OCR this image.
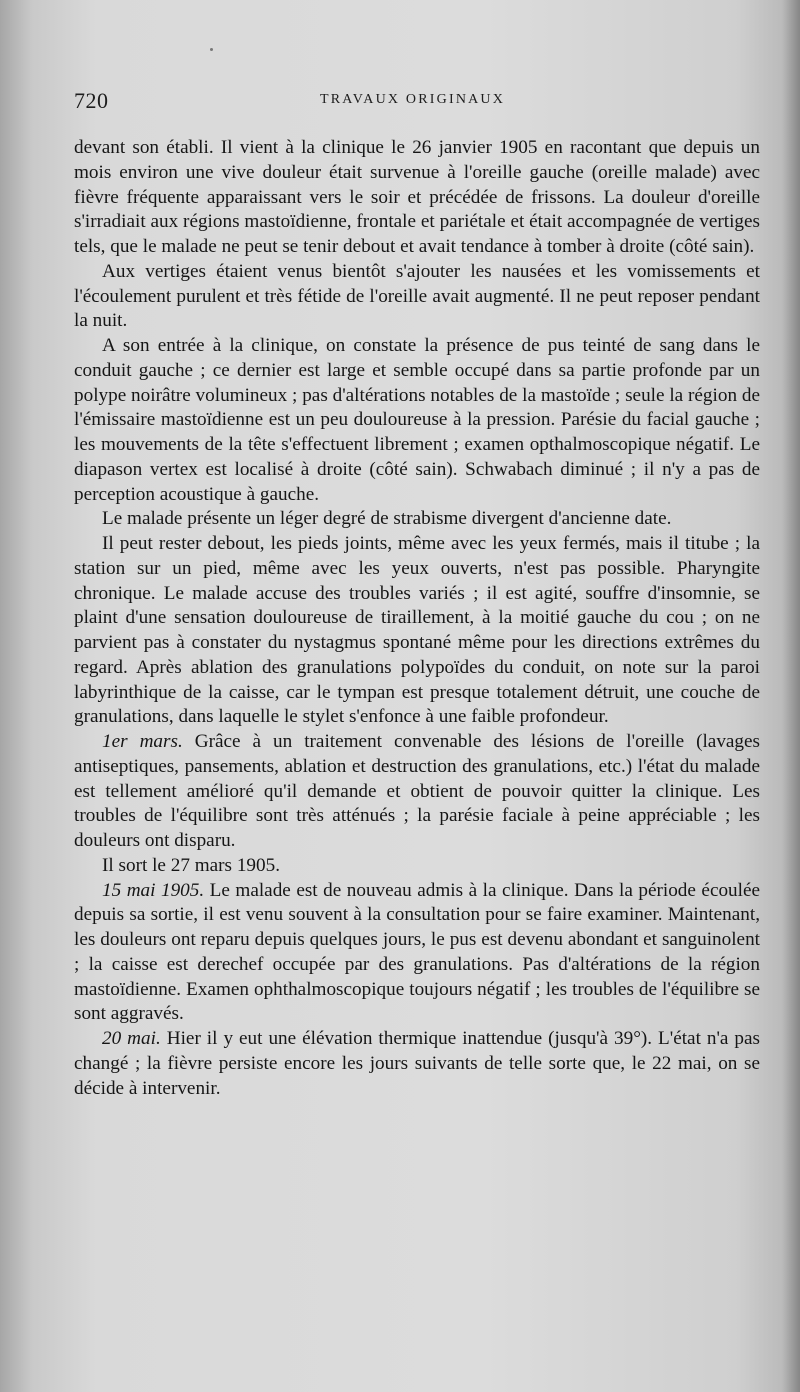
720	TRAVAUX ORIGINAUX

devant son établi. Il vient à la clinique le 26 janvier 1905 en racontant que depuis un mois environ une vive douleur était survenue à l'oreille gauche (oreille malade) avec fièvre fréquente apparaissant vers le soir et précédée de frissons. La douleur d'oreille s'irradiait aux régions mastoïdienne, frontale et pariétale et était accompagnée de vertiges tels, que le malade ne peut se tenir debout et avait tendance à tomber à droite (côté sain).

Aux vertiges étaient venus bientôt s'ajouter les nausées et les vomissements et l'écoulement purulent et très fétide de l'oreille avait augmenté. Il ne peut reposer pendant la nuit.

A son entrée à la clinique, on constate la présence de pus teinté de sang dans le conduit gauche ; ce dernier est large et semble occupé dans sa partie profonde par un polype noirâtre volumineux ; pas d'altérations notables de la mastoïde ; seule la région de l'émissaire mastoïdienne est un peu douloureuse à la pression. Parésie du facial gauche ; les mouvements de la tête s'effectuent librement ; examen opthalmoscopique négatif. Le diapason vertex est localisé à droite (côté sain). Schwabach diminué ; il n'y a pas de perception acoustique à gauche.

Le malade présente un léger degré de strabisme divergent d'ancienne date.

Il peut rester debout, les pieds joints, même avec les yeux fermés, mais il titube ; la station sur un pied, même avec les yeux ouverts, n'est pas possible. Pharyngite chronique. Le malade accuse des troubles variés ; il est agité, souffre d'insomnie, se plaint d'une sensation douloureuse de tiraillement, à la moitié gauche du cou ; on ne parvient pas à constater du nystagmus spontané même pour les directions extrêmes du regard. Après ablation des granulations polypoïdes du conduit, on note sur la paroi labyrinthique de la caisse, car le tympan est presque totalement détruit, une couche de granulations, dans laquelle le stylet s'enfonce à une faible profondeur.

1er mars. Grâce à un traitement convenable des lésions de l'oreille (lavages antiseptiques, pansements, ablation et destruction des granulations, etc.) l'état du malade est tellement amélioré qu'il demande et obtient de pouvoir quitter la clinique. Les troubles de l'équilibre sont très atténués ; la parésie faciale à peine appréciable ; les douleurs ont disparu.

Il sort le 27 mars 1905.

15 mai 1905. Le malade est de nouveau admis à la clinique. Dans la période écoulée depuis sa sortie, il est venu souvent à la consultation pour se faire examiner. Maintenant, les douleurs ont reparu depuis quelques jours, le pus est devenu abondant et sanguinolent ; la caisse est derechef occupée par des granulations. Pas d'altérations de la région mastoïdienne. Examen ophthalmoscopique toujours négatif ; les troubles de l'équilibre se sont aggravés.

20 mai. Hier il y eut une élévation thermique inattendue (jusqu'à 39°). L'état n'a pas changé ; la fièvre persiste encore les jours suivants de telle sorte que, le 22 mai, on se décide à intervenir.
